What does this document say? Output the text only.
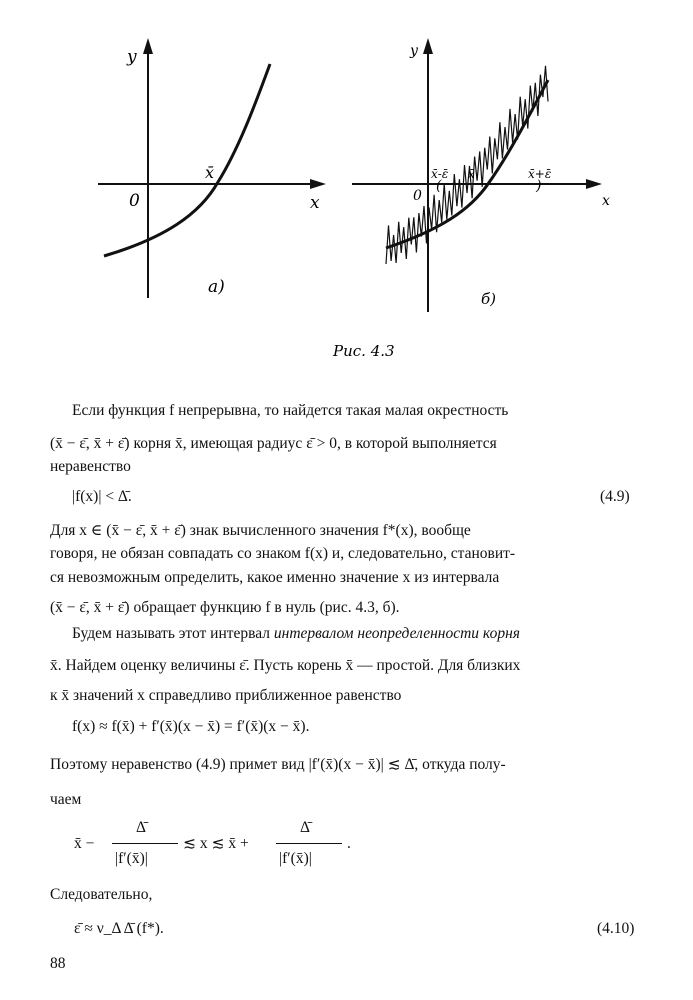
y
x
0
x̄
a)
(	)
y
x
0
x̄-ε̄ x̄	x̄+ε̄
б)
Рис. 4.3
Если функция f непрерывна, то найдется такая малая окрестность
(x̄ − ε̄, x̄ + ε̄) корня x̄, имеющая радиус ε̄ > 0, в которой выполняется
неравенство
|f(x)| < Δ̄.	(4.9)
Для x ∈ (x̄ − ε̄, x̄ + ε̄) знак вычисленного значения f*(x), вообще
говоря, не обязан совпадать со знаком f(x) и, следовательно, становит-
ся невозможным определить, какое именно значение x из интервала
(x̄ − ε̄, x̄ + ε̄) обращает функцию f в нуль (рис. 4.3, б).
Будем называть этот интервал интервалом неопределенности корня
x̄. Найдем оценку величины ε̄. Пусть корень x̄ — простой. Для близких
к x̄ значений x справедливо приближенное равенство
f(x) ≈ f(x̄) + f′(x̄)(x − x̄) = f′(x̄)(x − x̄).
Поэтому неравенство (4.9) примет вид |f′(x̄)(x − x̄)| ≲ Δ̄, откуда полу-
чаем
x̄ −
Δ̄
|f′(x̄)|
≲ x ≲ x̄ +
Δ̄
|f′(x̄)|
.
Следовательно,
ε̄ ≈ ν_Δ Δ̄ (f*).	(4.10)
88
